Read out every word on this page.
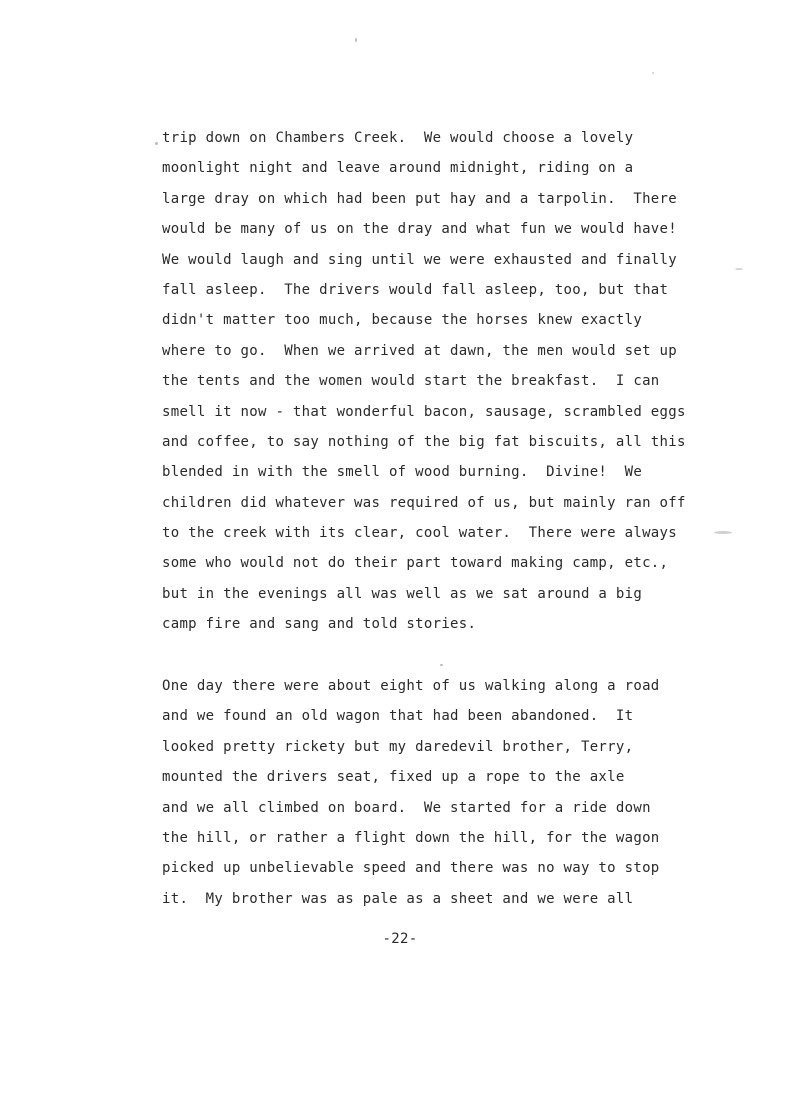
trip down on Chambers Creek.  We would choose a lovely
moonlight night and leave around midnight, riding on a
large dray on which had been put hay and a tarpolin.  There
would be many of us on the dray and what fun we would have!
We would laugh and sing until we were exhausted and finally
fall asleep.  The drivers would fall asleep, too, but that
didn't matter too much, because the horses knew exactly
where to go.  When we arrived at dawn, the men would set up
the tents and the women would start the breakfast.  I can
smell it now - that wonderful bacon, sausage, scrambled eggs
and coffee, to say nothing of the big fat biscuits, all this
blended in with the smell of wood burning.  Divine!  We
children did whatever was required of us, but mainly ran off
to the creek with its clear, cool water.  There were always
some who would not do their part toward making camp, etc.,
but in the evenings all was well as we sat around a big
camp fire and sang and told stories.
One day there were about eight of us walking along a road
and we found an old wagon that had been abandoned.  It
looked pretty rickety but my daredevil brother, Terry,
mounted the drivers seat, fixed up a rope to the axle
and we all climbed on board.  We started for a ride down
the hill, or rather a flight down the hill, for the wagon
picked up unbelievable speed and there was no way to stop
it.  My brother was as pale as a sheet and we were all
-22-
